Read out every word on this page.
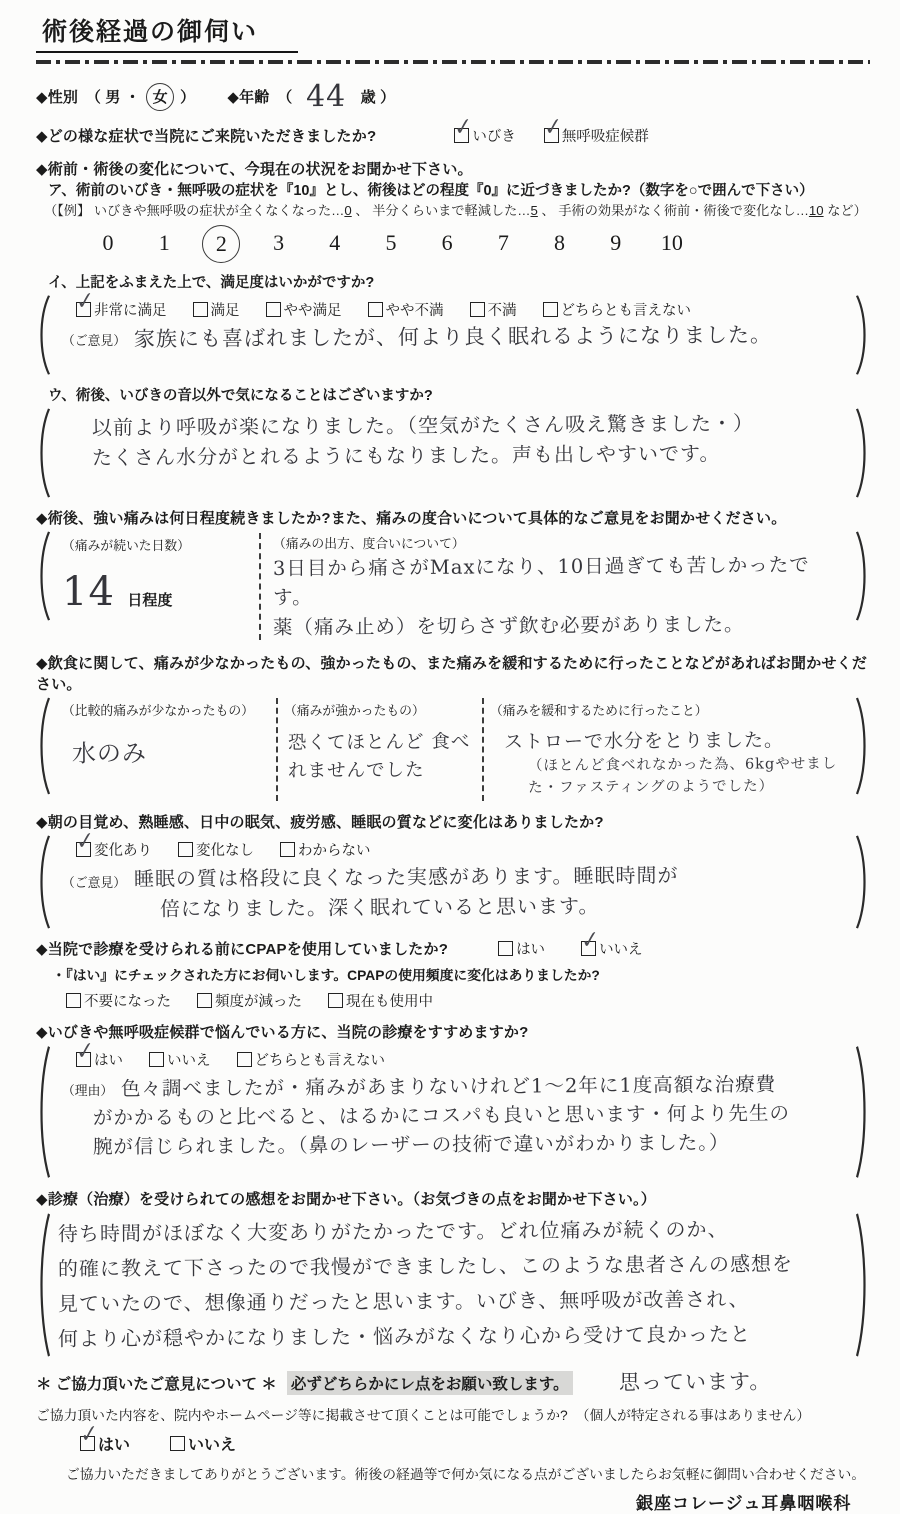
術後経過の御伺い
◆性別　（ 男 ・ 女 ） ◆年齢　（ 44 歳 ）
◆どの様な症状で当院にご来院いただきましたか?	✓
いびき ✓
無呼吸症候群
◆術前・術後の変化について、今現在の状況をお聞かせ下さい。
ア、術前のいびき・無呼吸の症状を『10』とし、術後はどの程度『0』に近づきましたか?（数字を○で囲んで下さい）
（【例】 いびきや無呼吸の症状が全くなくなった…0 、 半分くらいまで軽減した…5 、 手術の効果がなく術前・術後で変化なし…10 など）
0	1	2	3	4	5	6	7	8	9	10
イ、上記をふまえた上で、満足度はいかがですか?
✓
非常に満足	満足	やや満足	やや不満	不満	どちらとも言えない
（ご意見） 家族にも喜ばれましたが、何より良く眠れるようになりました。
ウ、術後、いびきの音以外で気になることはございますか?
以前より呼吸が楽になりました。（空気がたくさん吸え驚きました・）
たくさん水分がとれるようにもなりました。声も出しやすいです。
◆術後、強い痛みは何日程度続きましたか?また、痛みの度合いについて具体的なご意見をお聞かせください。
（痛みが続いた日数）
14 日程度
（痛みの出方、度合いについて）
3日目から痛さがMaxになり、10日過ぎても苦しかったです。
薬（痛み止め）を切らさず飲む必要がありました。
◆飲食に関して、痛みが少なかったもの、強かったもの、また痛みを緩和するために行ったことなどがあればお聞かせください。
（比較的痛みが少なかったもの）
水のみ
（痛みが強かったもの）
恐くてほとんど 食べれませんでした
（痛みを緩和するために行ったこと）
ストローで水分をとりました。
（ほとんど食べれなかった為、6kgやせました・ファスティングのようでした）
◆朝の目覚め、熟睡感、日中の眠気、疲労感、睡眠の質などに変化はありましたか?
✓
変化あり	変化なし	わからない
（ご意見） 睡眠の質は格段に良くなった実感があります。睡眠時間が
倍になりました。深く眠れていると思います。
◆当院で診療を受けられる前にCPAPを使用していましたか?	はい ✓
いいえ
・『はい』にチェックされた方にお伺いします。CPAPの使用頻度に変化はありましたか?
不要になった	頻度が減った	現在も使用中
◆いびきや無呼吸症候群で悩んでいる方に、当院の診療をすすめますか?
✓
はい	いいえ	どちらとも言えない
（理由） 色々調べましたが・痛みがあまりないけれど1〜2年に1度高額な治療費
がかかるものと比べると、はるかにコスパも良いと思います・何より先生の
腕が信じられました。（鼻のレーザーの技術で違いがわかりました。）
◆診療（治療）を受けられての感想をお聞かせ下さい。（お気づきの点をお聞かせ下さい。）
待ち時間がほぼなく大変ありがたかったです。どれ位痛みが続くのか、
的確に教えて下さったので我慢ができましたし、このような患者さんの感想を
見ていたので、想像通りだったと思います。いびき、無呼吸が改善され、
何より心が穏やかになりました・悩みがなくなり心から受けて良かったと
＊ ご協力頂いたご意見について ＊ 必ずどちらかにレ点をお願い致します。 思っています。
ご協力頂いた内容を、院内やホームページ等に掲載させて頂くことは可能でしょうか? （個人が特定される事はありません）
✓
はい	いいえ
ご協力いただきましてありがとうございます。術後の経過等で何か気になる点がございましたらお気軽に御問い合わせください。
銀座コレージュ耳鼻咽喉科
